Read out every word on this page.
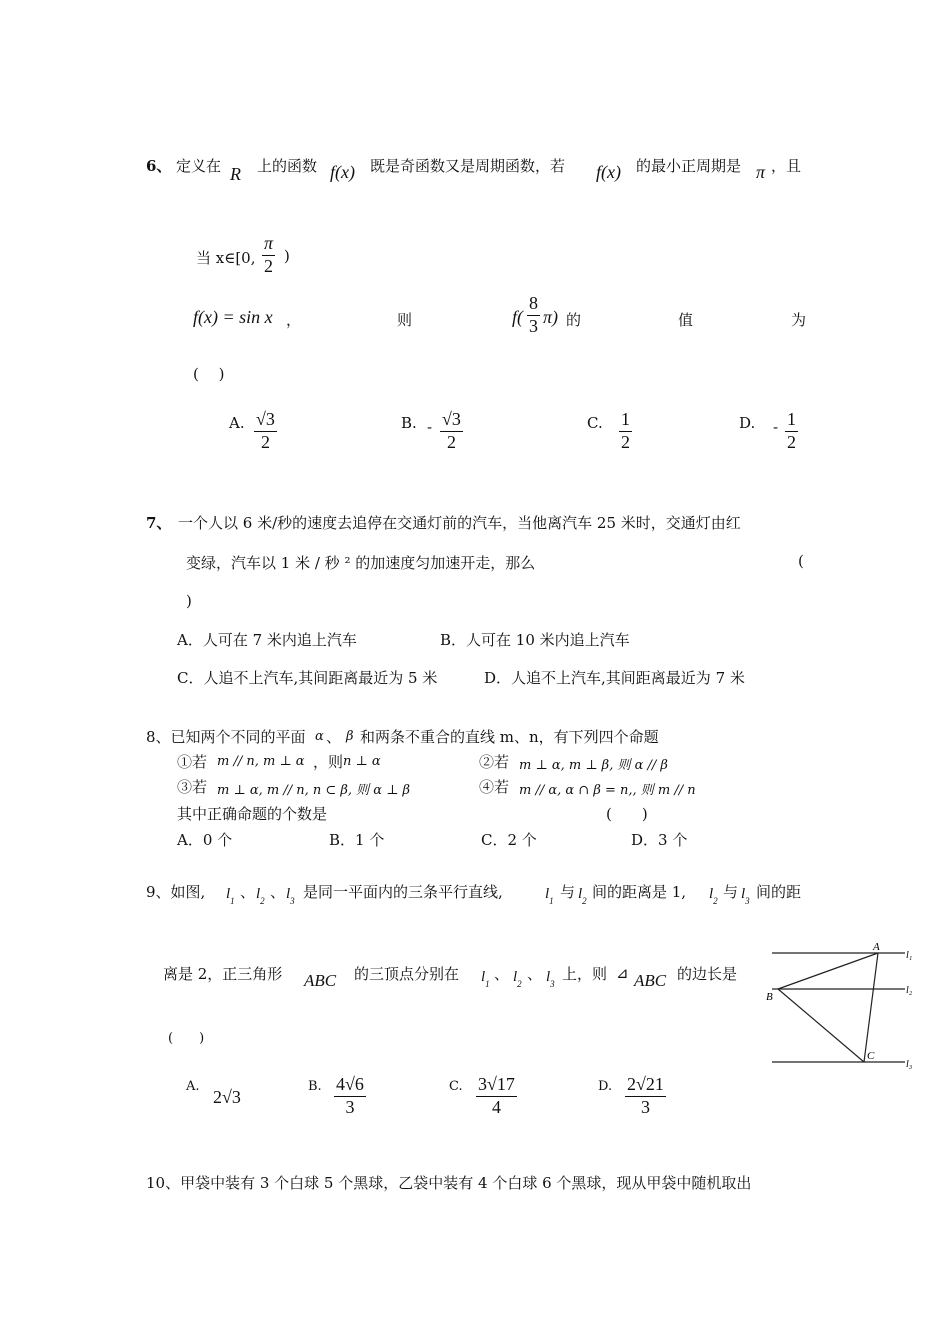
6、 定义在 R 上的函数 f(x) 既是奇函数又是周期函数，若 f(x) 的最小正周期是 π ，且
当 x∈[0, $\frac{\pi}{2}$ )
f(x) = sin x ，	则	$f( \frac{8}{3} \pi)$ 的	值	为
(　 )
A. $\frac{√3}{2}$	B. - $\frac{√3}{2}$	C. $\frac{1}{2}$	D. - $\frac{1}{2}$
7、 一个人以 6 米/秒的速度去追停在交通灯前的汽车，当他离汽车 25 米时，交通灯由红
变绿，汽车以 1 米 / 秒 ² 的加速度匀加速开走，那么	(
)
A．人可在 7 米内追上汽车	B．人可在 10 米内追上汽车
C．人追不上汽车,其间距离最近为 5 米	D．人追不上汽车,其间距离最近为 7 米
8、已知两个不同的平面 α 、 β 和两条不重合的直线 m、n，有下列四个命题
①若 m // n, m ⊥ α ，则 n ⊥ α	②若 m ⊥ α, m ⊥ β, 则 α // β
③若 m ⊥ α, m // n, n ⊂ β, 则 α ⊥ β	④若 m // α, α ∩ β = n,, 则 m // n
其中正确命题的个数是	(　　)
A．0 个	B．1 个	C．2 个	D．3 个
9、如图, $l_1$ 、 $l_2$ 、 $l_3$ 是同一平面内的三条平行直线,	$l_1$ 与 $l_2$ 间的距离是 1, $l_2$ 与 $l_3$ 间的距
离是 2，正三角形 ABC 的三顶点分别在 $l_1$
、 $l_2$
、 $l_3$
上，则 ⊿ ABC 的边长是
(　　)
A.
2√3
B. $\frac{4√6}{3}$	C. $\frac{3√17}{4}$	D. $\frac{2√21}{3}$
A
B
C
l₁
l₂
l₃
10、甲袋中装有 3 个白球 5 个黑球，乙袋中装有 4 个白球 6 个黑球，现从甲袋中随机取出
